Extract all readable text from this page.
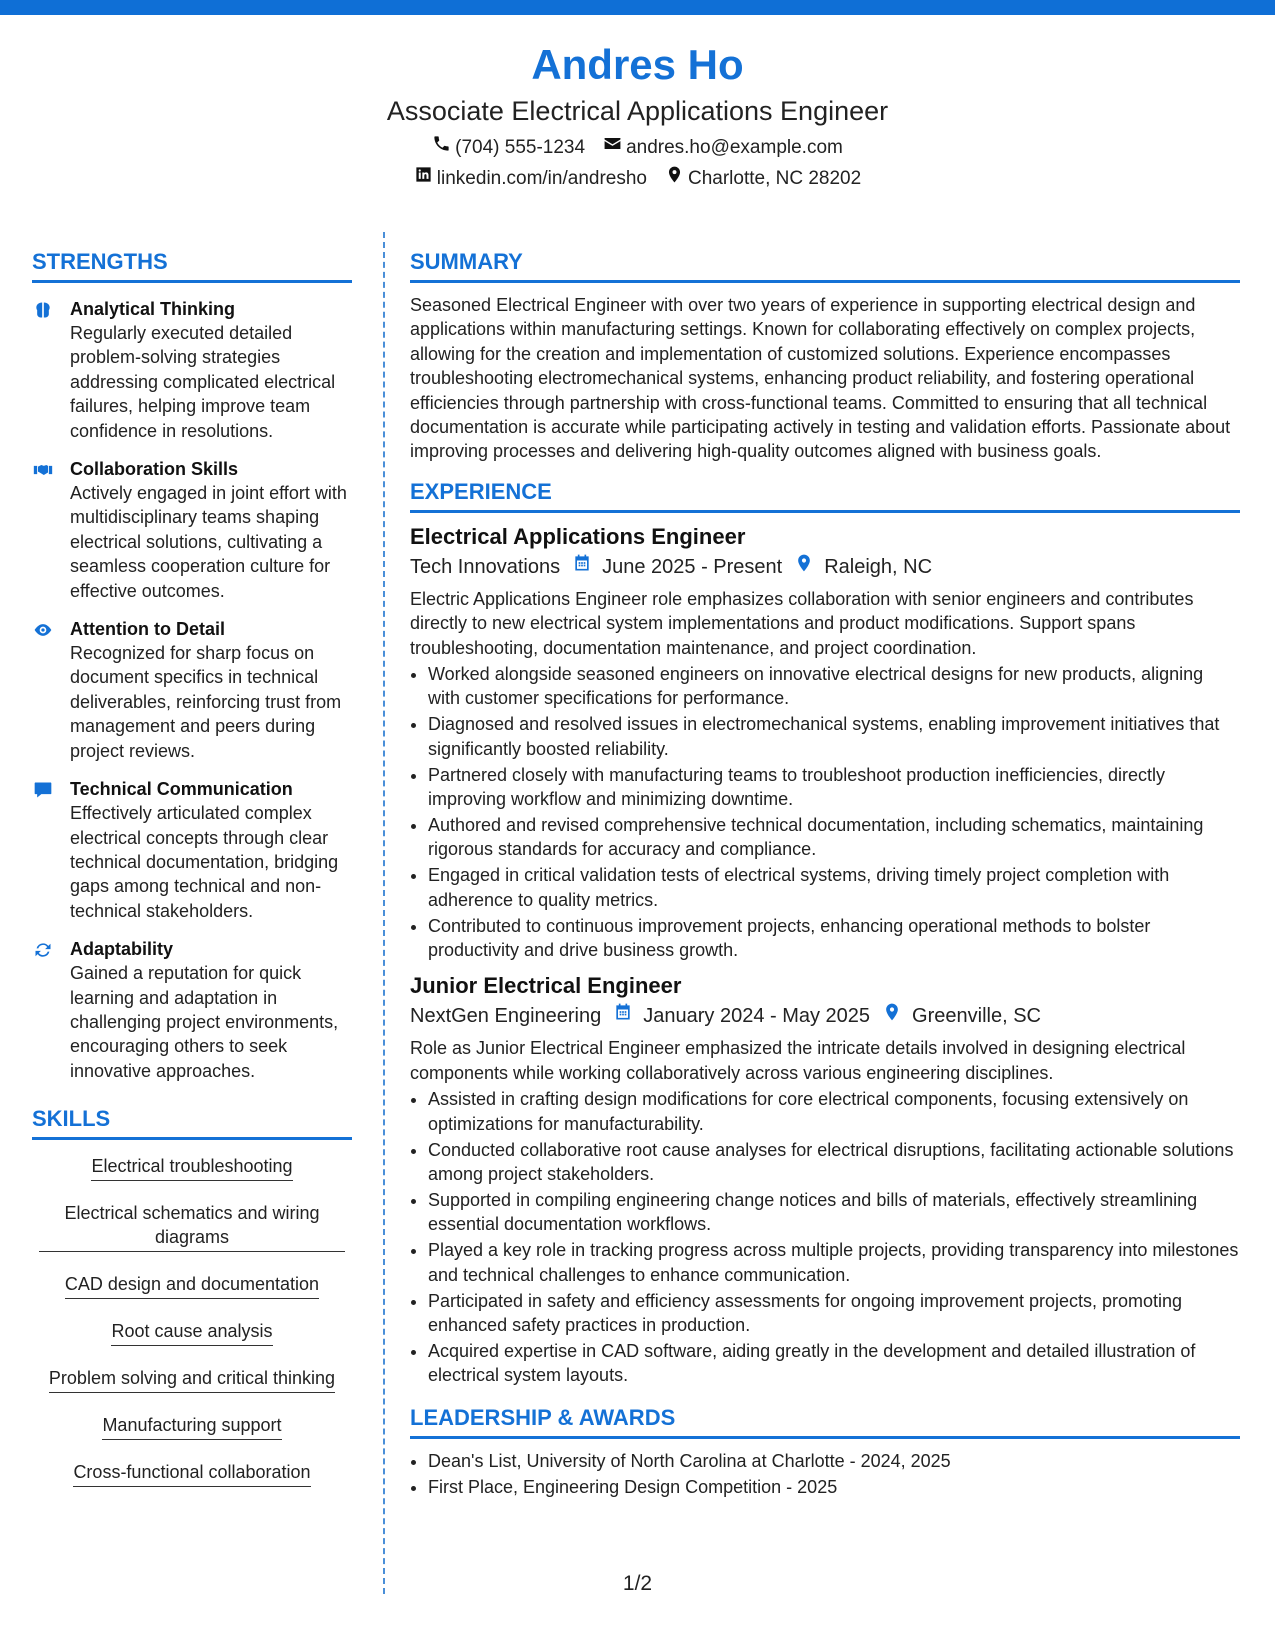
Andres Ho
Associate Electrical Applications Engineer
(704) 555-1234 andres.ho@example.com
linkedin.com/in/andresho Charlotte, NC 28202
STRENGTHS
Analytical Thinking
Regularly executed detailed problem-solving strategies addressing complicated electrical failures, helping improve team confidence in resolutions.
Collaboration Skills
Actively engaged in joint effort with multidisciplinary teams shaping electrical solutions, cultivating a seamless cooperation culture for effective outcomes.
Attention to Detail
Recognized for sharp focus on document specifics in technical deliverables, reinforcing trust from management and peers during project reviews.
Technical Communication
Effectively articulated complex electrical concepts through clear technical documentation, bridging gaps among technical and non-technical stakeholders.
Adaptability
Gained a reputation for quick learning and adaptation in challenging project environments, encouraging others to seek innovative approaches.
SKILLS
Electrical troubleshooting
Electrical schematics and wiring diagrams
CAD design and documentation
Root cause analysis
Problem solving and critical thinking
Manufacturing support
Cross-functional collaboration
SUMMARY

Seasoned Electrical Engineer with over two years of experience in supporting electrical design and applications within manufacturing settings. Known for collaborating effectively on complex projects, allowing for the creation and implementation of customized solutions. Experience encompasses troubleshooting electromechanical systems, enhancing product reliability, and fostering operational efficiencies through partnership with cross-functional teams. Committed to ensuring that all technical documentation is accurate while participating actively in testing and validation efforts. Passionate about improving processes and delivering high-quality outcomes aligned with business goals.

EXPERIENCE
Electrical Applications Engineer
Tech Innovations June 2025 - Present Raleigh, NC

Electric Applications Engineer role emphasizes collaboration with senior engineers and contributes directly to new electrical system implementations and product modifications. Support spans troubleshooting, documentation maintenance, and project coordination.

• Worked alongside seasoned engineers on innovative electrical designs for new products, aligning with customer specifications for performance.
• Diagnosed and resolved issues in electromechanical systems, enabling improvement initiatives that significantly boosted reliability.
• Partnered closely with manufacturing teams to troubleshoot production inefficiencies, directly improving workflow and minimizing downtime.
• Authored and revised comprehensive technical documentation, including schematics, maintaining rigorous standards for accuracy and compliance.
• Engaged in critical validation tests of electrical systems, driving timely project completion with adherence to quality metrics.
• Contributed to continuous improvement projects, enhancing operational methods to bolster productivity and drive business growth.
Junior Electrical Engineer
NextGen Engineering January 2024 - May 2025 Greenville, SC

Role as Junior Electrical Engineer emphasized the intricate details involved in designing electrical components while working collaboratively across various engineering disciplines.

• Assisted in crafting design modifications for core electrical components, focusing extensively on optimizations for manufacturability.
• Conducted collaborative root cause analyses for electrical disruptions, facilitating actionable solutions among project stakeholders.
• Supported in compiling engineering change notices and bills of materials, effectively streamlining essential documentation workflows.
• Played a key role in tracking progress across multiple projects, providing transparency into milestones and technical challenges to enhance communication.
• Participated in safety and efficiency assessments for ongoing improvement projects, promoting enhanced safety practices in production.
• Acquired expertise in CAD software, aiding greatly in the development and detailed illustration of electrical system layouts.
LEADERSHIP & AWARDS
• Dean's List, University of North Carolina at Charlotte - 2024, 2025
• First Place, Engineering Design Competition - 2025
1/2
